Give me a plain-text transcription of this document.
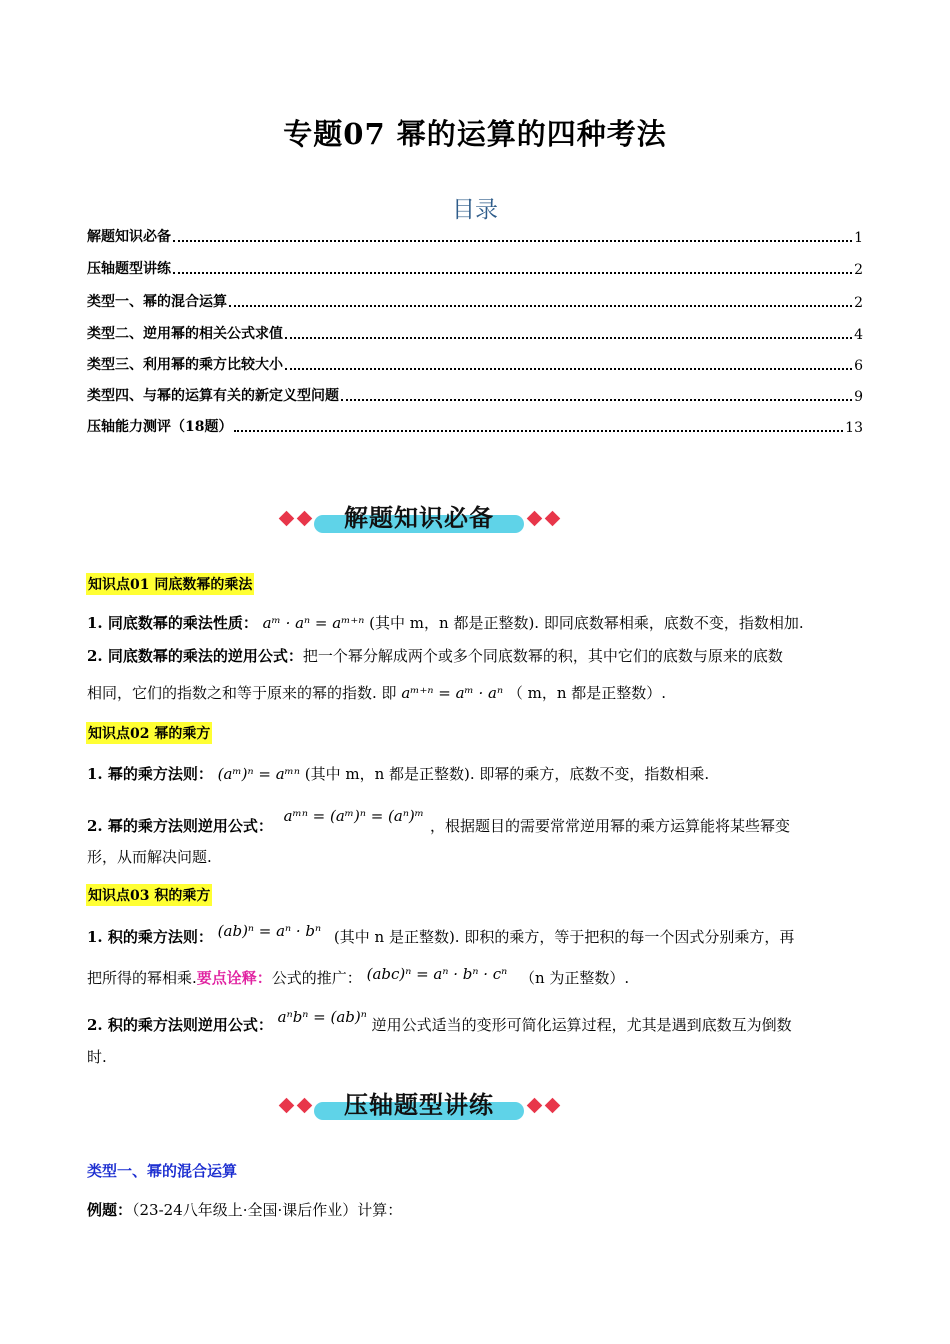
专题07 幂的运算的四种考法
目录
解题知识必备	1
压轴题型讲练	2
类型一、幂的混合运算	2
类型二、逆用幂的相关公式求值	4
类型三、利用幂的乘方比较大小	6
类型四、与幂的运算有关的新定义型问题	9
压轴能力测评（18题）	13
解题知识必备
知识点01 同底数幂的乘法
1. 同底数幂的乘法性质： aᵐ · aⁿ = aᵐ⁺ⁿ (其中 m，n 都是正整数). 即同底数幂相乘，底数不变，指数相加.
2. 同底数幂的乘法的逆用公式：把一个幂分解成两个或多个同底数幂的积，其中它们的底数与原来的底数
相同，它们的指数之和等于原来的幂的指数. 即 aᵐ⁺ⁿ = aᵐ · aⁿ （ m，n 都是正整数）.
知识点02 幂的乘方
1. 幂的乘方法则： (aᵐ)ⁿ = aᵐⁿ (其中 m，n 都是正整数). 即幂的乘方，底数不变，指数相乘.
2. 幂的乘方法则逆用公式： aᵐⁿ = (aᵐ)ⁿ = (aⁿ)ᵐ，根据题目的需要常常逆用幂的乘方运算能将某些幂变
形，从而解决问题.
知识点03 积的乘方
1. 积的乘方法则： (ab)ⁿ = aⁿ · bⁿ (其中 n 是正整数). 即积的乘方，等于把积的每一个因式分别乘方，再
把所得的幂相乘.要点诠释：公式的推广： (abc)ⁿ = aⁿ · bⁿ · cⁿ （n 为正整数）.
2. 积的乘方法则逆用公式： aⁿbⁿ = (ab)ⁿ 逆用公式适当的变形可简化运算过程，尤其是遇到底数互为倒数
时.
压轴题型讲练
类型一、幂的混合运算
例题：（23-24八年级上·全国·课后作业）计算：
